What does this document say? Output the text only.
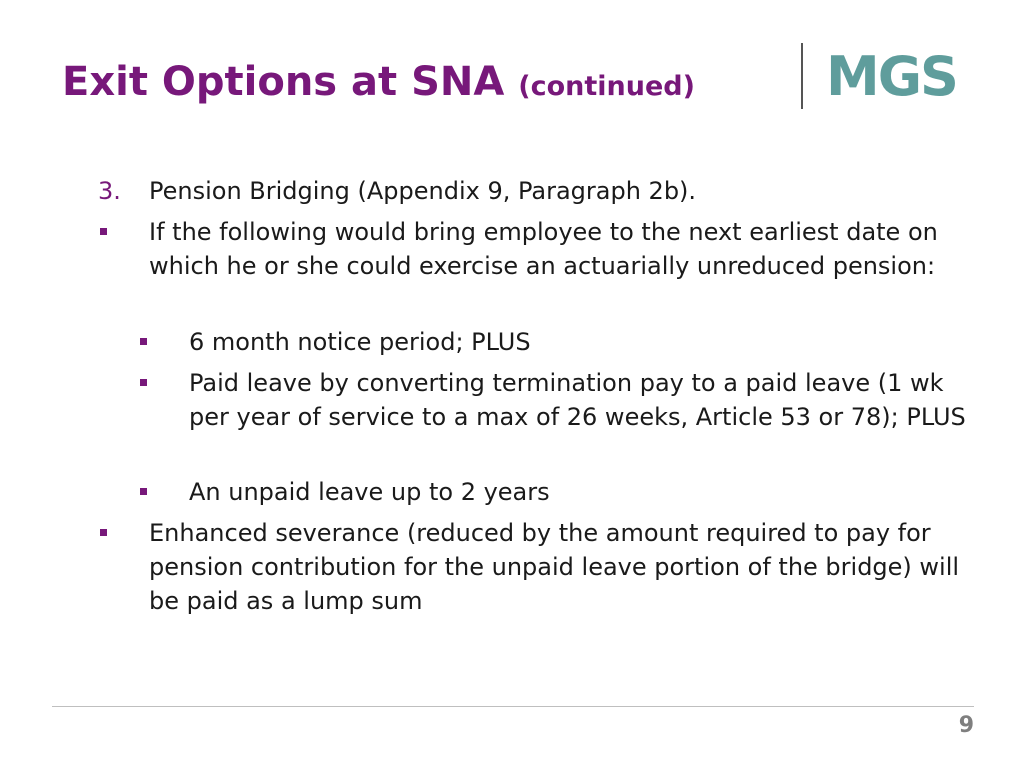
Exit Options at SNA (continued) MGS
3. Pension Bridging (Appendix 9, Paragraph 2b).
If the following would bring employee to the next earliest date on which he or she could exercise an actuarially unreduced pension:
6 month notice period; PLUS
Paid leave by converting termination pay to a paid leave (1 wk per year of service to a max of 26 weeks, Article 53 or 78); PLUS
An unpaid leave up to 2 years
Enhanced severance (reduced by the amount required to pay for pension contribution for the unpaid leave portion of the bridge) will be paid as a lump sum
9
